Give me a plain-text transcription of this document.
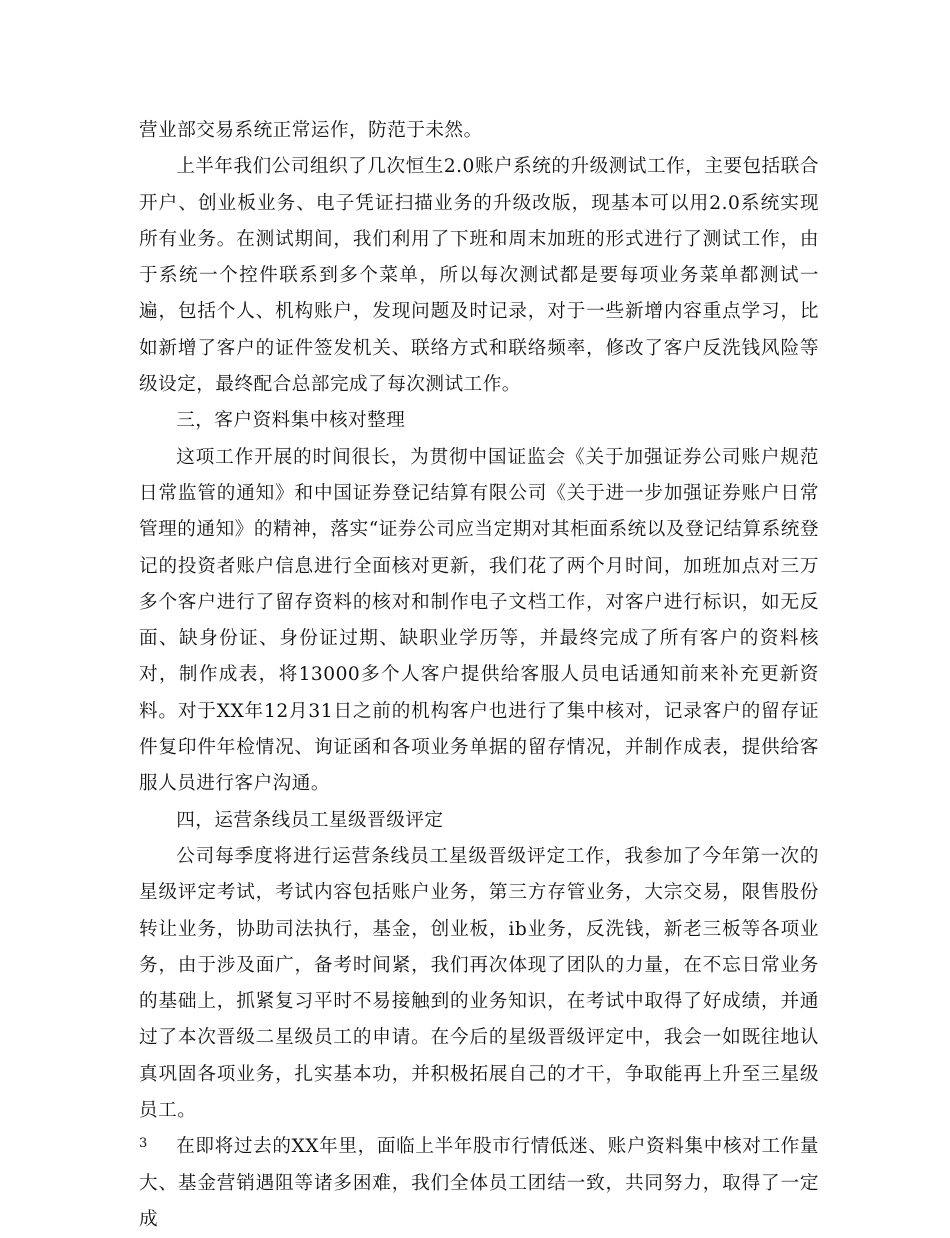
营业部交易系统正常运作，防范于未然。

上半年我们公司组织了几次恒生2.0账户系统的升级测试工作，主要包括联合开户、创业板业务、电子凭证扫描业务的升级改版，现基本可以用2.0系统实现所有业务。在测试期间，我们利用了下班和周末加班的形式进行了测试工作，由于系统一个控件联系到多个菜单，所以每次测试都是要每项业务菜单都测试一遍，包括个人、机构账户，发现问题及时记录，对于一些新增内容重点学习，比如新增了客户的证件签发机关、联络方式和联络频率，修改了客户反洗钱风险等级设定，最终配合总部完成了每次测试工作。

三，客户资料集中核对整理

这项工作开展的时间很长，为贯彻中国证监会《关于加强证券公司账户规范日常监管的通知》和中国证券登记结算有限公司《关于进一步加强证券账户日常管理的通知》的精神，落实“证券公司应当定期对其柜面系统以及登记结算系统登记的投资者账户信息进行全面核对更新，我们花了两个月时间，加班加点对三万多个客户进行了留存资料的核对和制作电子文档工作，对客户进行标识，如无反面、缺身份证、身份证过期、缺职业学历等，并最终完成了所有客户的资料核对，制作成表，将13000多个人客户提供给客服人员电话通知前来补充更新资料。对于XX年12月31日之前的机构客户也进行了集中核对，记录客户的留存证件复印件年检情况、询证函和各项业务单据的留存情况，并制作成表，提供给客服人员进行客户沟通。

四，运营条线员工星级晋级评定

公司每季度将进行运营条线员工星级晋级评定工作，我参加了今年第一次的星级评定考试，考试内容包括账户业务，第三方存管业务，大宗交易，限售股份转让业务，协助司法执行，基金，创业板，ib业务，反洗钱，新老三板等各项业务，由于涉及面广，备考时间紧，我们再次体现了团队的力量，在不忘日常业务的基础上，抓紧复习平时不易接触到的业务知识，在考试中取得了好成绩，并通过了本次晋级二星级员工的申请。在今后的星级晋级评定中，我会一如既往地认真巩固各项业务，扎实基本功，并积极拓展自己的才干，争取能再上升至三星级员工。

在即将过去的XX年里，面临上半年股市行情低迷、账户资料集中核对工作量大、基金营销遇阻等诸多困难，我们全体员工团结一致，共同努力，取得了一定成

3
